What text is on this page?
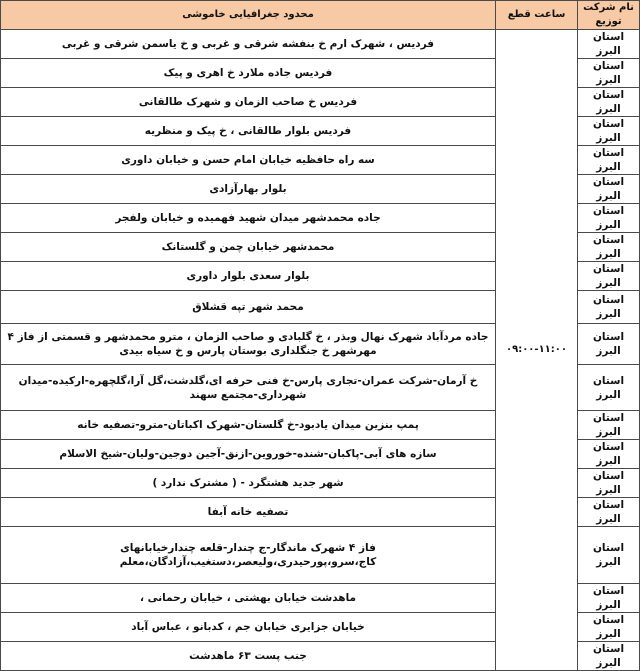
نام شرکت توزیع	ساعت قطع	محدود جغرافیایی خاموشی
استان البرز	۰۹:۰۰-۱۱:۰۰	فردیس ، شهرک ارم خ بنفشه شرقی و غربی و خ یاسمن شرقی و غربی
استان البرز		فردیس جاده ملارد خ اهری و پیک
استان البرز		فردیس خ صاحب الزمان و شهرک طالقانی
استان البرز		فردیس بلوار طالقانی ، خ پیک و منظریه
استان البرز		سه راه حافظیه خیابان امام حسن و خیابان داوری
استان البرز		بلوار بهارآزادی
استان البرز		جاده محمدشهر میدان شهید فهمیده و خیابان ولفجر
استان البرز		محمدشهر خیابان چمن و گلستانک
استان البرز		بلوار سعدی بلوار داوری
استان البرز		محمد شهر تپه قشلاق
استان البرز		جاده مردآباد شهرک نهال وبذر ، خ گلبادی و صاحب الزمان ، مترو محمدشهر و قسمتی از فاز ۴ مهرشهر خ جنگلداری بوستان پارس و خ سیاه بیدی
استان البرز		خ آرمان-شرکت عمران-تجاری پارس-خ فنی حرفه ای،گلدشت،گل آرا،گلچهره-ارکیده-میدان شهرداری-مجتمع سهند
استان البرز		پمپ بنزین میدان یادبود-خ گلستان-شهرک اکباتان-مترو-تصفیه خانه
استان البرز		سازه های آبی-پاکبان-شنده-خوروین-ازنق-آجین دوجین-ولیان-شیخ الاسلام
استان البرز		شهر جدید هشتگرد - ( مشترک ندارد )
استان البرز		تصفیه خانه آبفا
استان البرز		فاز ۴ شهرک ماندگار-ج چندار-قلعه چندارخیابانهای کاج،سرو،پورحیدری،ولیعصر،دستغیب،آزادگان،معلم
استان البرز		ماهدشت خیابان بهشتی ، خیابان رحمانی ،
استان البرز		خیابان جزایری خیابان جم ، کدبانو ، عباس آباد
استان البرز		جنب پست ۶۳ ماهدشت
